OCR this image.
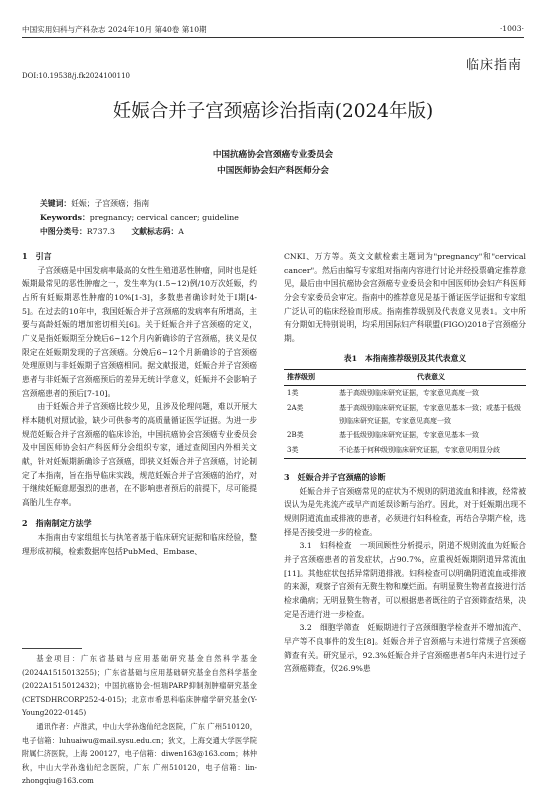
中国实用妇科与产科杂志 2024年10月 第40卷 第10期	·1003·
临床指南
DOI:10.19538/j.fk2024100110
妊娠合并子宫颈癌诊治指南(2024年版)
中国抗癌协会宫颈癌专业委员会
中国医师协会妇产科医师分会
关键词：妊娠；子宫颈癌；指南
Keywords：pregnancy; cervical cancer; guideline
中图分类号：R737.3 文献标志码：A
1　引言

子宫颈癌是中国发病率最高的女性生殖道恶性肿瘤，同时也是妊娠期最常见的恶性肿瘤之一，发生率为(1.5~12)例/10万次妊娠，约占所有妊娠期恶性肿瘤的10%[1-3]，多数患者确诊时处于Ⅰ期[4-5]。在过去的10年中，我国妊娠合并子宫颈癌的发病率有所增高，主要与高龄妊娠的增加密切相关[6]。关于妊娠合并子宫颈癌的定义，广义是指妊娠期至分娩后6~12个月内新确诊的子宫颈癌，狭义是仅限定在妊娠期发现的子宫颈癌。分娩后6~12个月新确诊的子宫颈癌处理原则与非妊娠期子宫颈癌相同。据文献报道，妊娠合并子宫颈癌患者与非妊娠子宫颈癌预后的差异无统计学意义，妊娠并不会影响子宫颈癌患者的预后[7-10]。

由于妊娠合并子宫颈癌比较少见，且涉及伦理问题，难以开展大样本随机对照试验，缺少可供参考的高质量循证医学证据。为进一步规范妊娠合并子宫颈癌的临床诊治，中国抗癌协会宫颈癌专业委员会及中国医师协会妇产科医师分会组织专家，通过查阅国内外相关文献，针对妊娠期新确诊子宫颈癌，即狭义妊娠合并子宫颈癌，讨论制定了本指南，旨在指导临床实践，规范妊娠合并子宫颈癌的治疗，对于继续妊娠意愿强烈的患者，在不影响患者预后的前提下，尽可能提高胎儿生存率。

2　指南制定方法学

本指南由专家组组长与执笔者基于临床研究证据和临床经验，整理形成初稿，检索数据库包括PubMed、Embase、

基金项目：广东省基础与应用基础研究基金自然科学基金(2024A1515013255)；广东省基础与应用基础研究基金自然科学基金(2022A1515012432)；中国抗癌协会-恒瑞PARP抑制剂肿瘤研究基金(CETSDHRCORP252-4-015)；北京市希思科临床肿瘤学研究基金(Y-Young2022-0145)

通讯作者：卢淮武，中山大学孙逸仙纪念医院，广东 广州510120，电子信箱：luhuaiwu@mail.sysu.edu.cn；狄文，上海交通大学医学院附属仁济医院，上海 200127，电子信箱：diwen163@163.com；林仲秋，中山大学孙逸仙纪念医院，广东 广州510120，电子信箱：lin-zhongqiu@163.com

CNKI、万方等。英文文献检索主题词为"pregnancy"和"cervical cancer"。然后由编写专家组对指南内容进行讨论并经投票确定推荐意见，最后由中国抗癌协会宫颈癌专业委员会和中国医师协会妇产科医师分会专家委员会审定。指南中的推荐意见是基于循证医学证据和专家组广泛认可的临床经验而形成。指南推荐级别及代表意义见表1。文中所有分期如无特别说明，均采用国际妇产科联盟(FIGO)2018子宫颈癌分期。

表1　本指南推荐级别及其代表意义
推荐级别	代表意义
1类	基于高级别临床研究证据，专家意见高度一致
2A类	基于高级别临床研究证据，专家意见基本一致；或基于低级别临床研究证据，专家意见高度一致
2B类	基于低级别临床研究证据，专家意见基本一致
3类	不论基于何种级别临床研究证据，专家意见明显分歧
3　妊娠合并子宫颈癌的诊断

妊娠合并子宫颈癌常见的症状为不规则的阴道流血和排液，经常被误认为是先兆流产或早产而延误诊断与治疗。因此，对于妊娠期出现不规则阴道流血或排液的患者，必须进行妇科检查，再结合孕期产检，选择是否接受进一步的检查。

3.1　妇科检查　一项回顾性分析提示，阴道不规则流血为妊娠合并子宫颈癌患者的首发症状，占90.7%，应重视妊娠期阴道异常流血[11]。其他症状包括异常阴道排液。妇科检查可以明确阴道流血或排液的来源，观察子宫颈有无赘生物和糜烂面。有明显赘生物者直接进行活检求确病；无明显赘生物者，可以根据患者既往的子宫颈筛查结果，决定是否进行进一步检查。

3.2　细胞学筛查　妊娠期进行子宫颈细胞学检查并不增加流产、早产等不良事件的发生[8]。妊娠合并子宫颈癌与未进行常规子宫颈癌筛查有关。研究显示，92.3%妊娠合并子宫颈癌患者5年内未进行过子宫颈癌筛查，仅26.9%患
